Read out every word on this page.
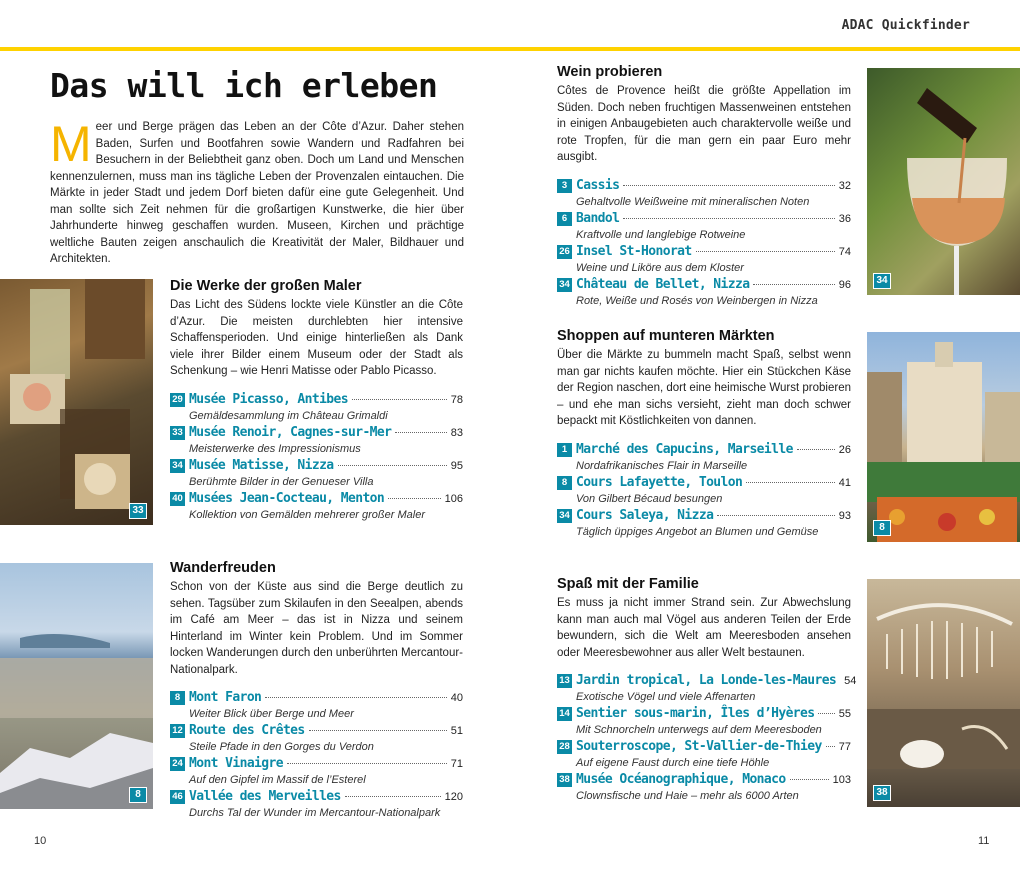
ADAC Quickfinder
Das will ich erleben
Meer und Berge prägen das Leben an der Côte d’Azur. Daher stehen Baden, Surfen und Bootfahren sowie Wandern und Radfahren bei Besuchern in der Beliebtheit ganz oben. Doch um Land und Menschen kennenzulernen, muss man ins tägliche Leben der Provenzalen eintauchen. Die Märkte in jeder Stadt und jedem Dorf bieten dafür eine gute Gelegenheit. Und man sollte sich Zeit nehmen für die großartigen Kunstwerke, die hier über Jahrhunderte hinweg geschaffen wurden. Museen, Kirchen und prächtige weltliche Bauten zeigen anschaulich die Kreativität der Maler, Bildhauer und Architekten.
33
Die Werke der großen Maler
Das Licht des Südens lockte viele Künstler an die Côte d’Azur. Die meisten durchlebten hier intensive Schaffensperioden. Und einige hinterließen als Dank viele ihrer Bilder einem Museum oder der Stadt als Schenkung – wie Henri Matisse oder Pablo Picasso.
29 Musée Picasso, Antibes	78
Gemäldesammlung im Château Grimaldi
33 Musée Renoir, Cagnes-sur-Mer	83
Meisterwerke des Impressionismus
34 Musée Matisse, Nizza	95
Berühmte Bilder in der Genueser Villa
40 Musées Jean-Cocteau, Menton	106
Kollektion von Gemälden mehrerer großer Maler
8
Wanderfreuden
Schon von der Küste aus sind die Berge deutlich zu sehen. Tagsüber zum Skilaufen in den Seealpen, abends im Café am Meer – das ist in Nizza und seinem Hinterland im Winter kein Problem. Und im Sommer locken Wanderungen durch den unberührten Mercantour-Nationalpark.
8 Mont Faron	40
Weiter Blick über Berge und Meer
12 Route des Crêtes	51
Steile Pfade in den Gorges du Verdon
24 Mont Vinaigre	71
Auf den Gipfel im Massif de l’Esterel
46 Vallée des Merveilles	120
Durchs Tal der Wunder im Mercantour-Nationalpark
Wein probieren
Côtes de Provence heißt die größte Appellation im Süden. Doch neben fruchtigen Massenweinen entstehen in einigen Anbaugebieten auch charaktervolle weiße und rote Tropfen, für die man gern ein paar Euro mehr ausgibt.
3 Cassis	32
Gehaltvolle Weißweine mit mineralischen Noten
6 Bandol	36
Kraftvolle und langlebige Rotweine
26 Insel St-Honorat	74
Weine und Liköre aus dem Kloster
34 Château de Bellet, Nizza	96
Rote, Weiße und Rosés von Weinbergen in Nizza
34
Shoppen auf munteren Märkten
Über die Märkte zu bummeln macht Spaß, selbst wenn man gar nichts kaufen möchte. Hier ein Stückchen Käse der Region naschen, dort eine heimische Wurst probieren – und ehe man sichs versieht, zieht man doch schwer bepackt mit Köstlichkeiten von dannen.
1 Marché des Capucins, Marseille	26
Nordafrikanisches Flair in Marseille
8 Cours Lafayette, Toulon	41
Von Gilbert Bécaud besungen
34 Cours Saleya, Nizza	93
Täglich üppiges Angebot an Blumen und Gemüse	8
Spaß mit der Familie
Es muss ja nicht immer Strand sein. Zur Abwechslung kann man auch mal Vögel aus anderen Teilen der Erde bewundern, sich die Welt am Meeresboden ansehen oder Meeresbewohner aus aller Welt bestaunen.
13 Jardin tropical, La Londe-les-Maures 54
Exotische Vögel und viele Affenarten
14 Sentier sous-marin, Îles d’Hyères 55
Mit Schnorcheln unterwegs auf dem Meeresboden
28 Souterroscope, St-Vallier-de-Thiey 77
Auf eigene Faust durch eine tiefe Höhle
38 Musée Océanographique, Monaco	103
Clownsfische und Haie – mehr als 6000 Arten	38
10	11
